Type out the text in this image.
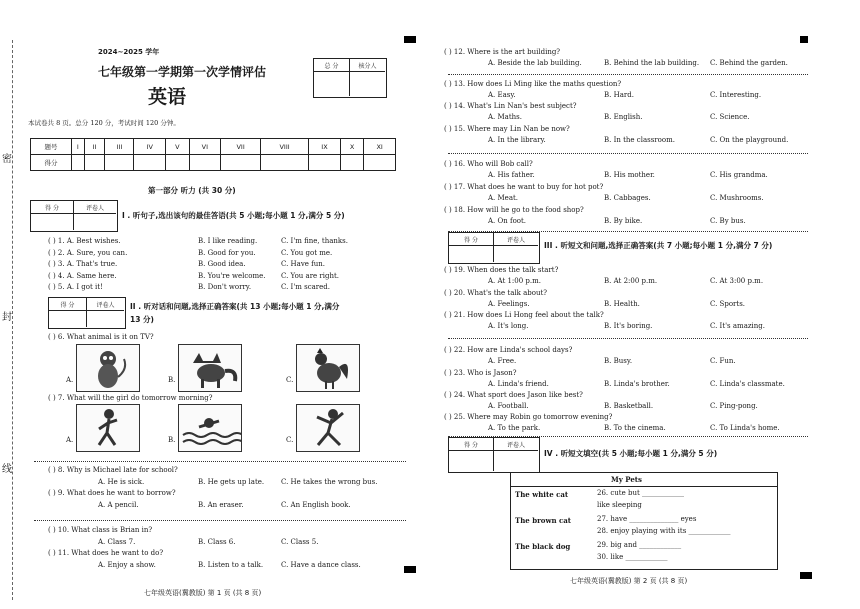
密
封
线
2024~2025 学年
七年级第一学期第一次学情评估
英语
总 分	核分人
本试卷共 8 页。总分 120 分，考试时间 120 分钟。
题号	I	II	III	IV	V	VI	VII	VIII	IX	X	XI
得分											
第一部分 听力 (共 30 分)
得 分	评卷人
I . 听句子,选出该句的最佳答语(共 5 小题;每小题 1 分,满分 5 分)
( ) 1. A. Best wishes.	B. I like reading.	C. I'm fine, thanks.
( ) 2. A. Sure, you can.	B. Good for you.	C. You got me.
( ) 3. A. That's true.	B. Good idea.	C. Have fun.
( ) 4. A. Same here.	B. You're welcome. C. You are right.
( ) 5. A. I got it!	B. Don't worry.	C. I'm scared.
得 分	评卷人	II . 听对话和问题,选择正确答案(共 13 小题;每小题 1 分,满分
13 分)
( ) 6. What animal is it on TV?
A.	B.	C.
( ) 7. What will the girl do tomorrow morning?
A.	B.	C.
( ) 8. Why is Michael late for school?
A. He is sick.	B. He gets up late. C. He takes the wrong bus.
( ) 9. What does he want to borrow?
A. A pencil.	B. An eraser.	C. An English book.
( ) 10. What class is Brian in?
A. Class 7.	B. Class 6.	C. Class 5.
( ) 11. What does he want to do?
A. Enjoy a show.	B. Listen to a talk.	C. Have a dance class.
七年级英语(冀教版) 第 1 页 (共 8 页)
( ) 12. Where is the art building?
A. Beside the lab building.	B. Behind the lab building. C. Behind the garden.
( ) 13. How does Li Ming like the maths question?
A. Easy.	B. Hard.	C. Interesting.
( ) 14. What's Lin Nan's best subject?
A. Maths.	B. English.	C. Science.
( ) 15. Where may Lin Nan be now?
A. In the library.	B. In the classroom.	C. On the playground.
( ) 16. Who will Bob call?
A. His father.	B. His mother.	C. His grandma.
( ) 17. What does he want to buy for hot pot?
A. Meat.	B. Cabbages.	C. Mushrooms.
( ) 18. How will he go to the food shop?
A. On foot.	B. By bike.	C. By bus.
得 分	评卷人
III . 听短文和问题,选择正确答案(共 7 小题;每小题 1 分,满分 7 分)
( ) 19. When does the talk start?
A. At 1:00 p.m.	B. At 2:00 p.m.	C. At 3:00 p.m.
( ) 20. What's the talk about?
A. Feelings.	B. Health.	C. Sports.
( ) 21. How does Li Hong feel about the talk?
A. It's long.	B. It's boring.	C. It's amazing.
( ) 22. How are Linda's school days?
A. Free.	B. Busy.	C. Fun.
( ) 23. Who is Jason?
A. Linda's friend.	B. Linda's brother.	C. Linda's classmate.
( ) 24. What sport does Jason like best?
A. Football.	B. Basketball.	C. Ping-pong.
( ) 25. Where may Robin go tomorrow evening?
A. To the park.	B. To the cinema.	C. To Linda's home.
得 分	评卷人
IV . 听短文填空(共 5 小题;每小题 1 分,满分 5 分)
My Pets
The white cat	26. cute but ____________
like sleeping
The brown cat	27. have ______________ eyes
28. enjoy playing with its ____________
The black dog	29. big and ____________
30. like ____________
七年级英语(冀教版) 第 2 页 (共 8 页)
